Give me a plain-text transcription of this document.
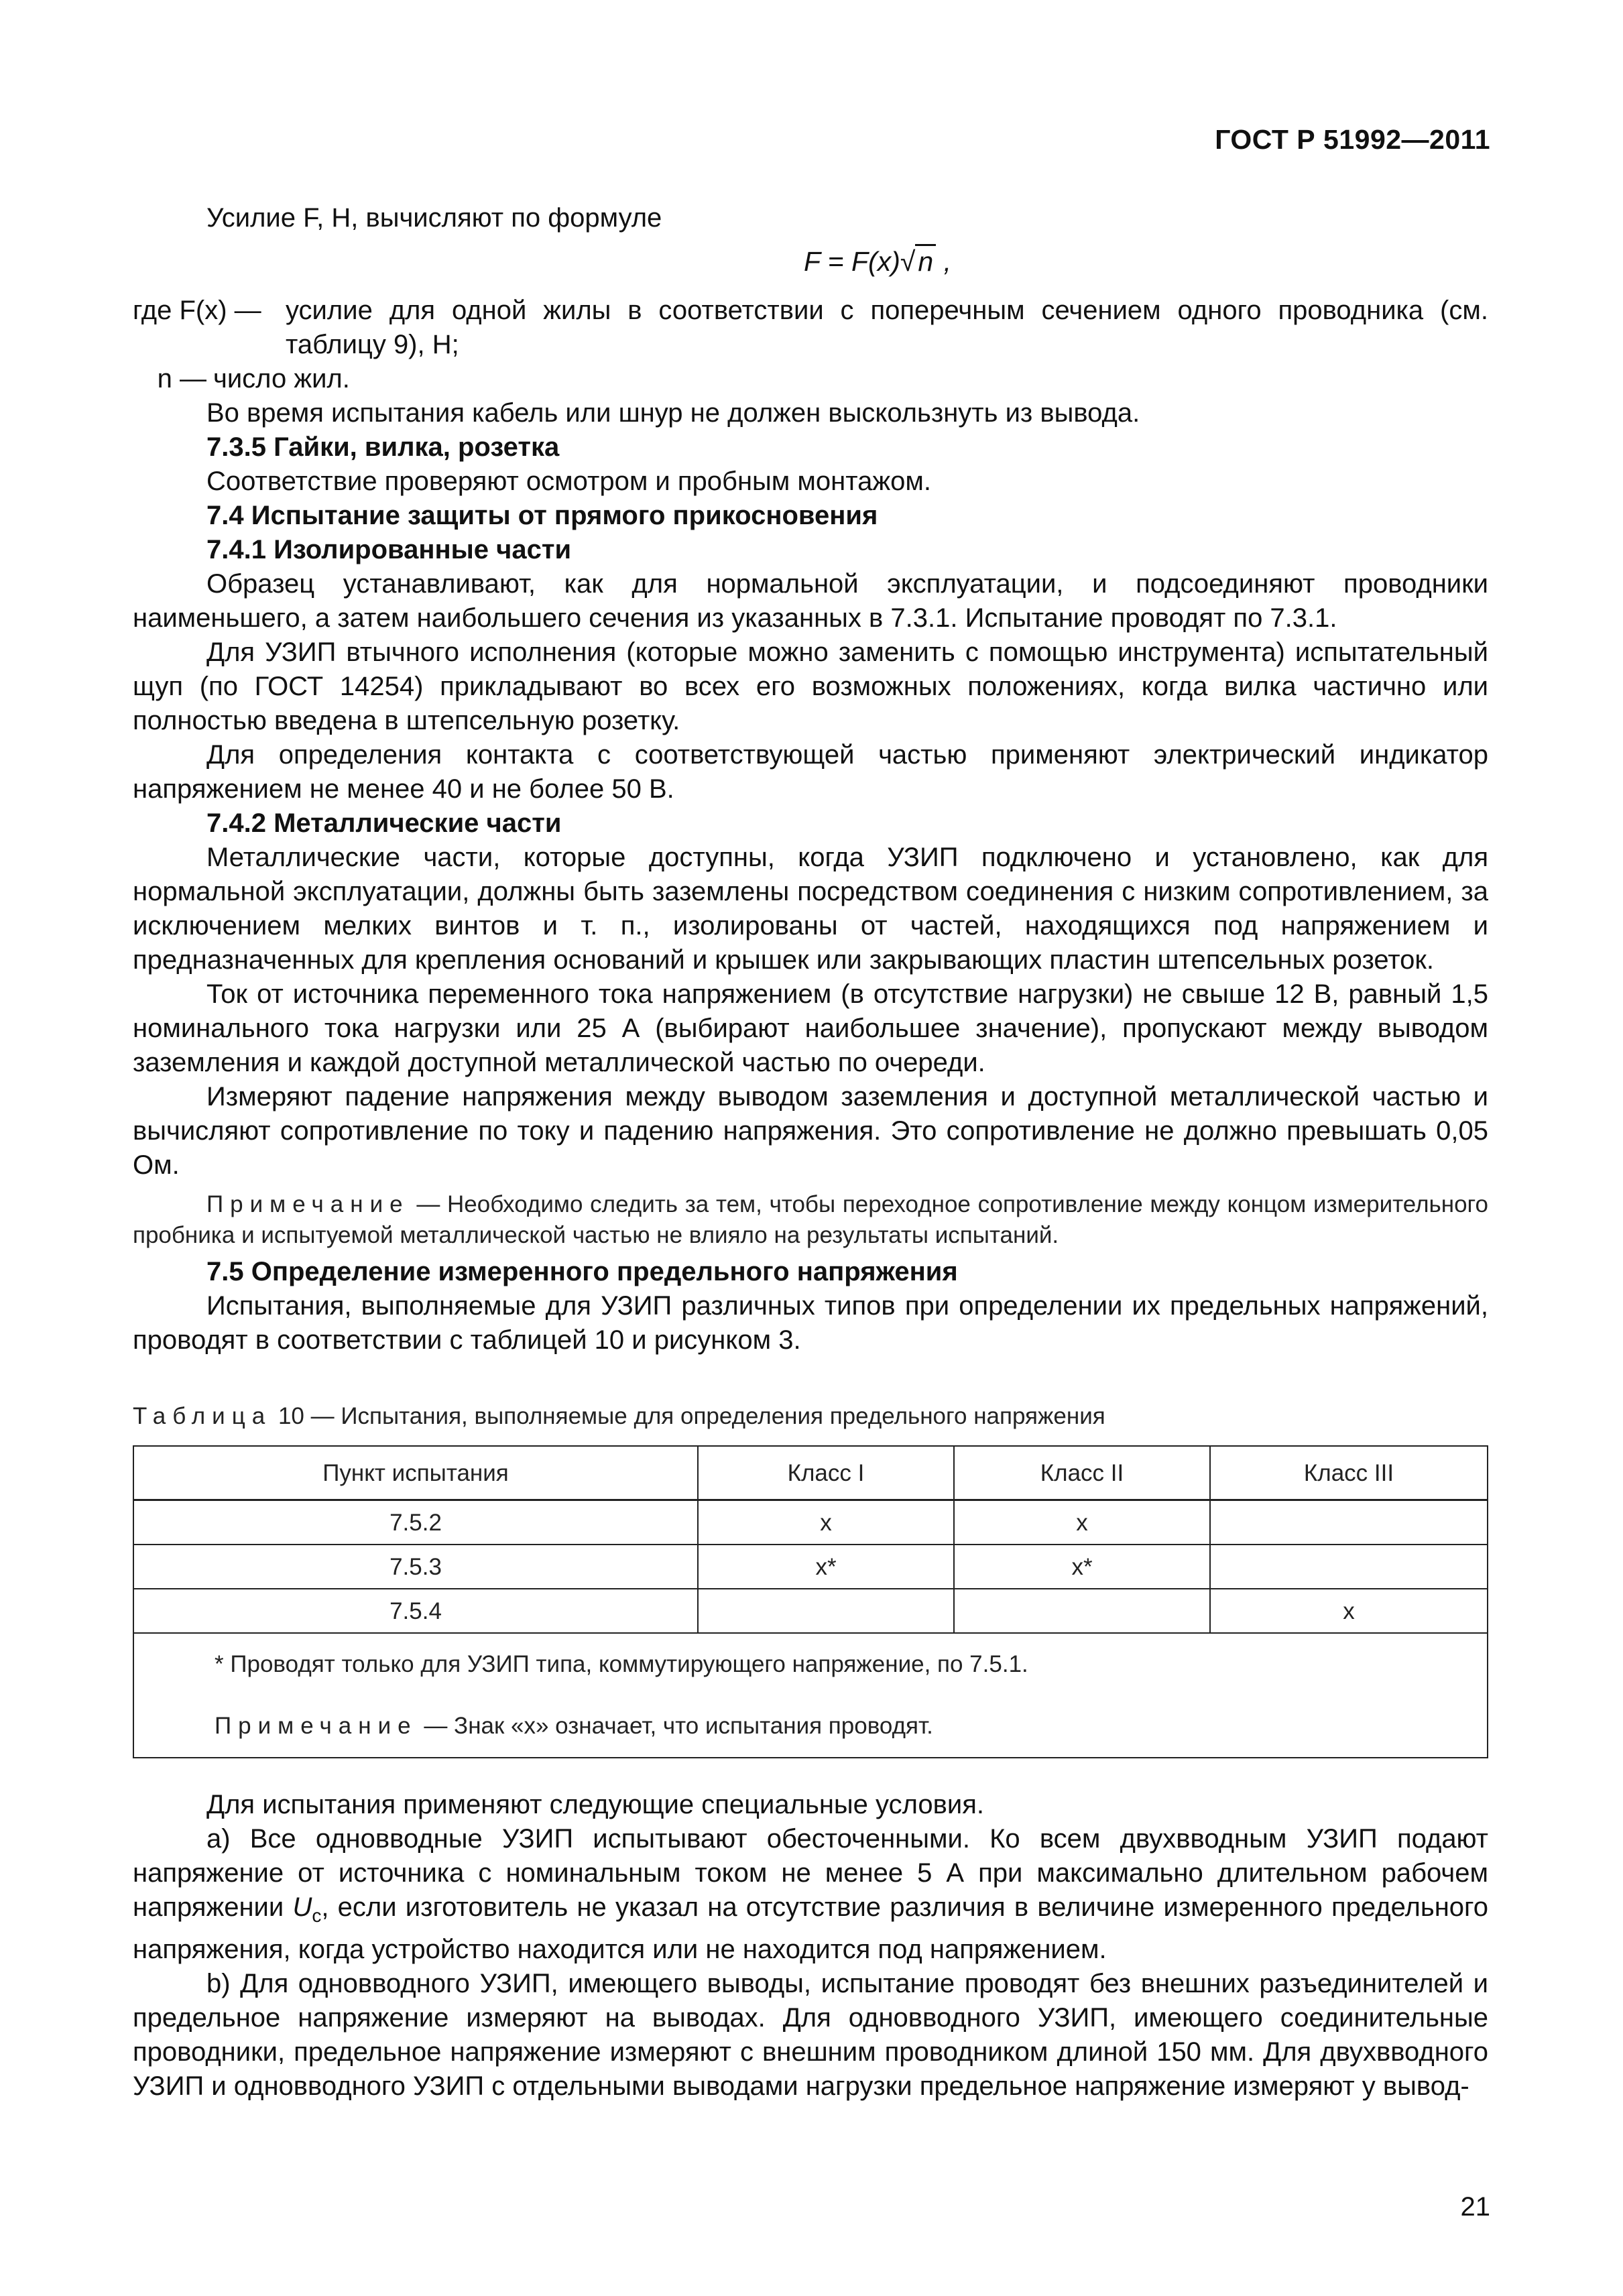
ГОСТ Р 51992—2011

Усилие F, Н, вычисляют по формуле

F = F(x)√n ,
где F(x) — усилие для одной жилы в соответствии с поперечным сечением одного проводника (см. таблицу 9), Н;
n — число жил.

Во время испытания кабель или шнур не должен выскользнуть из вывода.

7.3.5 Гайки, вилка, розетка

Соответствие проверяют осмотром и пробным монтажом.

7.4 Испытание защиты от прямого прикосновения

7.4.1 Изолированные части

Образец устанавливают, как для нормальной эксплуатации, и подсоединяют проводники наименьшего, а затем наибольшего сечения из указанных в 7.3.1. Испытание проводят по 7.3.1.

Для УЗИП втычного исполнения (которые можно заменить с помощью инструмента) испытательный щуп (по ГОСТ 14254) прикладывают во всех его возможных положениях, когда вилка частично или полностью введена в штепсельную розетку.

Для определения контакта с соответствующей частью применяют электрический индикатор напряжением не менее 40 и не более 50 В.

7.4.2 Металлические части

Металлические части, которые доступны, когда УЗИП подключено и установлено, как для нормальной эксплуатации, должны быть заземлены посредством соединения с низким сопротивлением, за исключением мелких винтов и т. п., изолированы от частей, находящихся под напряжением и предназначенных для крепления оснований и крышек или закрывающих пластин штепсельных розеток.

Ток от источника переменного тока напряжением (в отсутствие нагрузки) не свыше 12 В, равный 1,5 номинального тока нагрузки или 25 А (выбирают наибольшее значение), пропускают между выводом заземления и каждой доступной металлической частью по очереди.

Измеряют падение напряжения между выводом заземления и доступной металлической частью и вычисляют сопротивление по току и падению напряжения. Это сопротивление не должно превышать 0,05 Ом.

Примечание — Необходимо следить за тем, чтобы переходное сопротивление между концом измерительного пробника и испытуемой металлической частью не влияло на результаты испытаний.

7.5 Определение измеренного предельного напряжения

Испытания, выполняемые для УЗИП различных типов при определении их предельных напряжений, проводят в соответствии с таблицей 10 и рисунком 3.

Таблица 10 — Испытания, выполняемые для определения предельного напряжения
Пункт испытания	Класс I	Класс II	Класс III
7.5.2	x	x	
7.5.3	x*	x*	
7.5.4			x

* Проводят только для УЗИП типа, коммутирующего напряжение, по 7.5.1.
Примечание — Знак «х» означает, что испытания проводят.			

Для испытания применяют следующие специальные условия.

а) Все одновводные УЗИП испытывают обесточенными. Ко всем двухвводным УЗИП подают напряжение от источника с номинальным током не менее 5 А при максимально длительном рабочем напряжении $U_c$, если изготовитель не указал на отсутствие различия в величине измеренного предельного напряжения, когда устройство находится или не находится под напряжением.

b) Для одновводного УЗИП, имеющего выводы, испытание проводят без внешних разъединителей и предельное напряжение измеряют на выводах. Для одновводного УЗИП, имеющего соединительные проводники, предельное напряжение измеряют с внешним проводником длиной 150 мм. Для двухвводного УЗИП и одновводного УЗИП с отдельными выводами нагрузки предельное напряжение измеряют у вывод-

21
